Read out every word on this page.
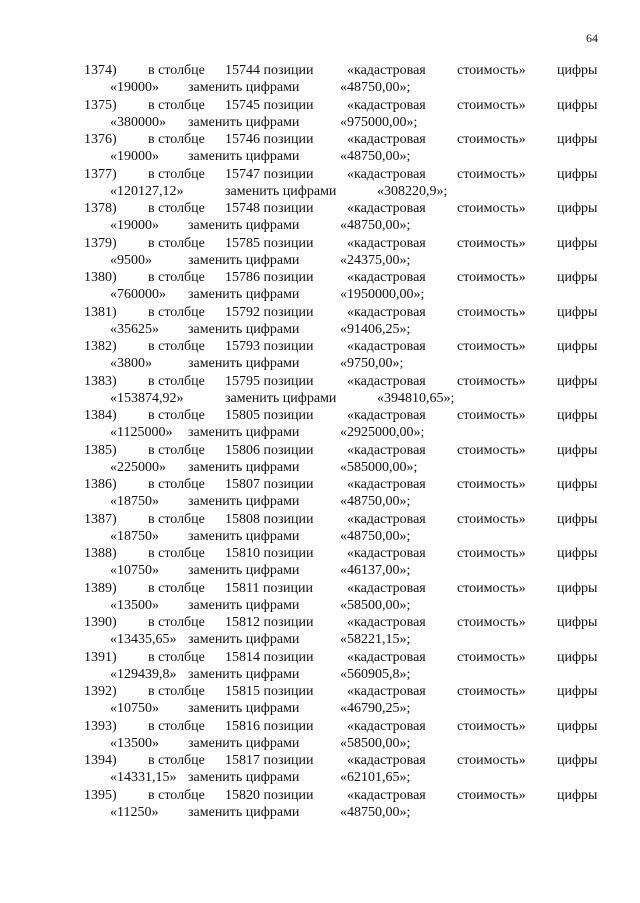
64
1374) в столбце 15744 позиции «кадастровая стоимость» цифры
«19000» заменить цифрами	«48750,00»;
1375) в столбце 15745 позиции «кадастровая стоимость» цифры
«380000» заменить цифрами	«975000,00»;
1376) в столбце 15746 позиции «кадастровая стоимость» цифры
«19000» заменить цифрами	«48750,00»;
1377) в столбце 15747 позиции «кадастровая стоимость» цифры
«120127,12»	заменить цифрами	«308220,9»;
1378) в столбце 15748 позиции «кадастровая стоимость» цифры
«19000» заменить цифрами	«48750,00»;
1379) в столбце 15785 позиции «кадастровая стоимость» цифры
«9500»	заменить цифрами	«24375,00»;
1380) в столбце 15786 позиции «кадастровая стоимость» цифры
«760000» заменить цифрами	«1950000,00»;
1381) в столбце 15792 позиции «кадастровая стоимость» цифры
«35625» заменить цифрами	«91406,25»;
1382) в столбце 15793 позиции «кадастровая стоимость» цифры
«3800»	заменить цифрами	«9750,00»;
1383) в столбце 15795 позиции «кадастровая стоимость» цифры
«153874,92»	заменить цифрами	«394810,65»;
1384) в столбце 15805 позиции «кадастровая стоимость» цифры
«1125000» заменить цифрами	«2925000,00»;
1385) в столбце 15806 позиции «кадастровая стоимость» цифры
«225000» заменить цифрами	«585000,00»;
1386) в столбце 15807 позиции «кадастровая стоимость» цифры
«18750» заменить цифрами	«48750,00»;
1387) в столбце 15808 позиции «кадастровая стоимость» цифры
«18750» заменить цифрами	«48750,00»;
1388) в столбце 15810 позиции «кадастровая стоимость» цифры
«10750» заменить цифрами	«46137,00»;
1389) в столбце 15811 позиции «кадастровая стоимость» цифры
«13500» заменить цифрами	«58500,00»;
1390) в столбце 15812 позиции «кадастровая стоимость» цифры
«13435,65» заменить цифрами	«58221,15»;
1391) в столбце 15814 позиции «кадастровая стоимость» цифры
«129439,8» заменить цифрами	«560905,8»;
1392) в столбце 15815 позиции «кадастровая стоимость» цифры
«10750» заменить цифрами	«46790,25»;
1393) в столбце 15816 позиции «кадастровая стоимость» цифры
«13500» заменить цифрами	«58500,00»;
1394) в столбце 15817 позиции «кадастровая стоимость» цифры
«14331,15» заменить цифрами	«62101,65»;
1395) в столбце 15820 позиции «кадастровая стоимость» цифры
«11250» заменить цифрами	«48750,00»;
